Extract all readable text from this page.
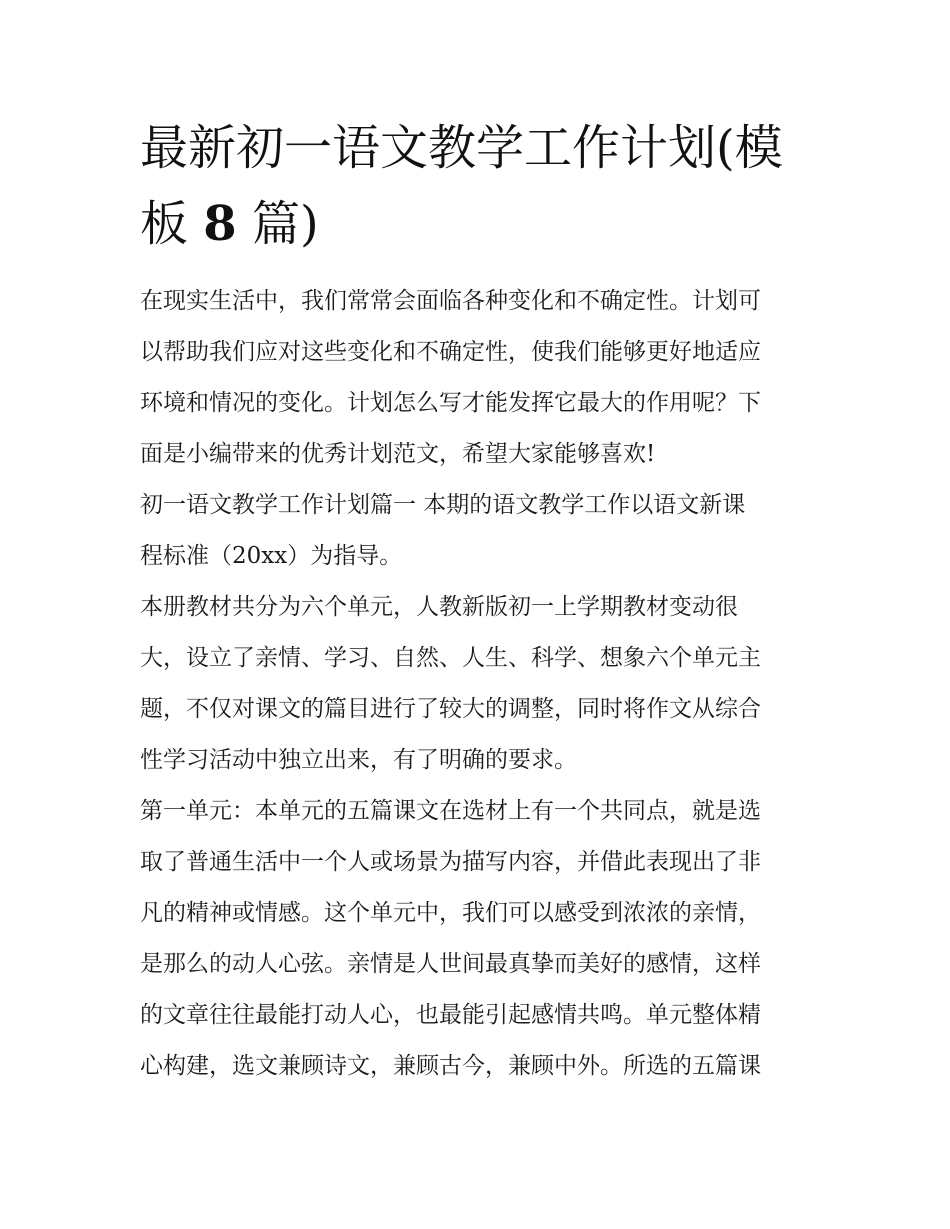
最新初一语文教学工作计划(模
板 8 篇)
在现实生活中，我们常常会面临各种变化和不确定性。计划可
以帮助我们应对这些变化和不确定性，使我们能够更好地适应
环境和情况的变化。计划怎么写才能发挥它最大的作用呢？下
面是小编带来的优秀计划范文，希望大家能够喜欢!
初一语文教学工作计划篇一 本期的语文教学工作以语文新课
程标准（20xx）为指导。
本册教材共分为六个单元，人教新版初一上学期教材变动很
大，设立了亲情、学习、自然、人生、科学、想象六个单元主
题，不仅对课文的篇目进行了较大的调整，同时将作文从综合
性学习活动中独立出来，有了明确的要求。
第一单元：本单元的五篇课文在选材上有一个共同点，就是选
取了普通生活中一个人或场景为描写内容，并借此表现出了非
凡的精神或情感。这个单元中，我们可以感受到浓浓的亲情，
是那么的动人心弦。亲情是人世间最真挚而美好的感情，这样
的文章往往最能打动人心，也最能引起感情共鸣。单元整体精
心构建，选文兼顾诗文，兼顾古今，兼顾中外。所选的五篇课
